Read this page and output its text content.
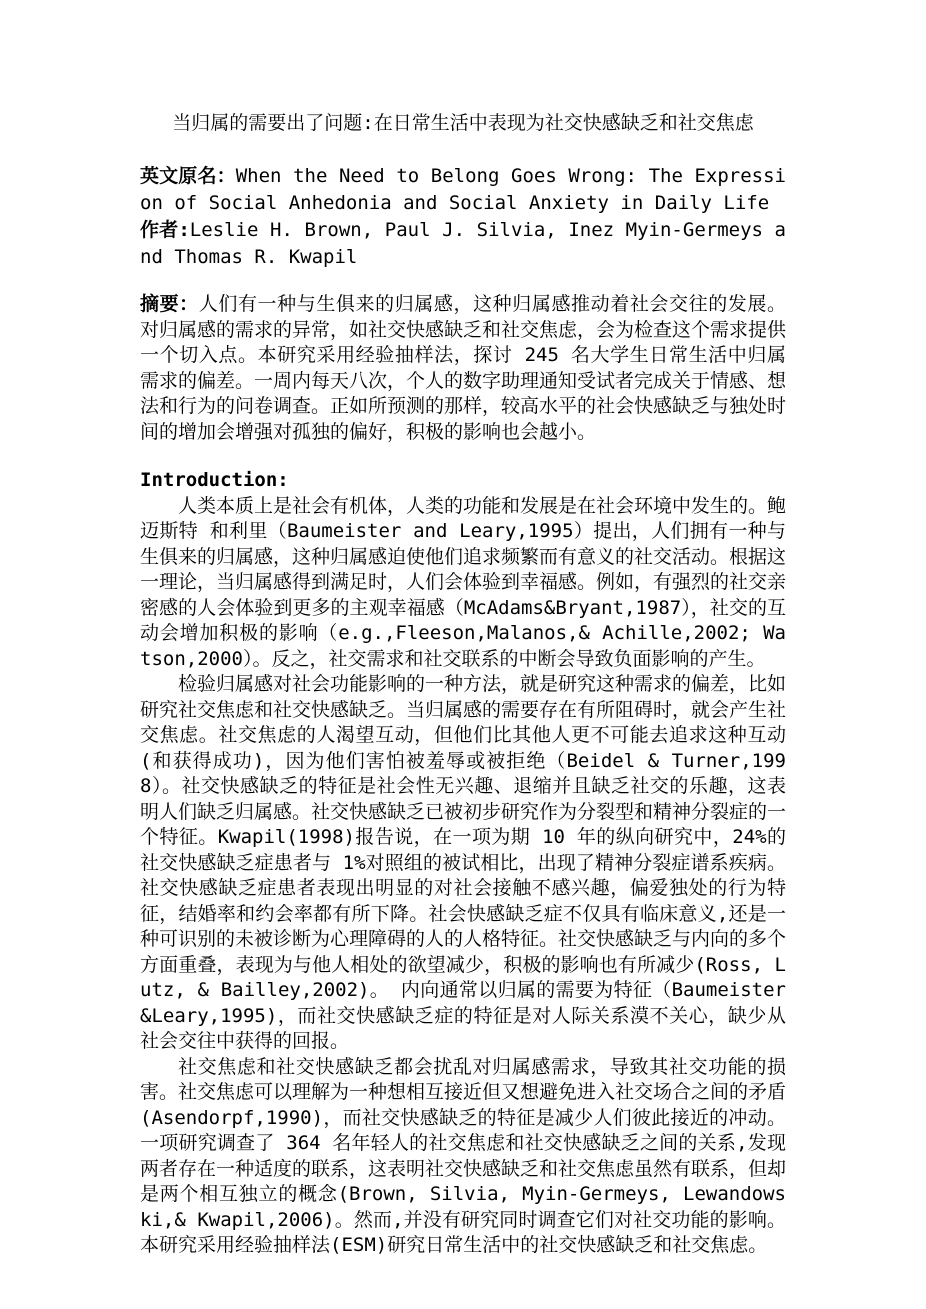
当归属的需要出了问题:在日常生活中表现为社交快感缺乏和社交焦虑

英文原名：When the Need to Belong Goes Wrong: The Expression of Social Anhedonia and Social Anxiety in Daily Life

作者:Leslie H. Brown, Paul J. Silvia, Inez Myin-Germeys and Thomas R. Kwapil

摘要：人们有一种与生俱来的归属感，这种归属感推动着社会交往的发展。对归属感的需求的异常，如社交快感缺乏和社交焦虑，会为检查这个需求提供一个切入点。本研究采用经验抽样法，探讨 245 名大学生日常生活中归属需求的偏差。一周内每天八次，个人的数字助理通知受试者完成关于情感、想法和行为的问卷调查。正如所预测的那样，较高水平的社会快感缺乏与独处时间的增加会增强对孤独的偏好，积极的影响也会越小。

Introduction:

人类本质上是社会有机体，人类的功能和发展是在社会环境中发生的。鲍迈斯特 和利里（Baumeister and Leary,1995）提出，人们拥有一种与生俱来的归属感，这种归属感迫使他们追求频繁而有意义的社交活动。根据这一理论，当归属感得到满足时，人们会体验到幸福感。例如，有强烈的社交亲密感的人会体验到更多的主观幸福感（McAdams&Bryant,1987），社交的互动会增加积极的影响（e.g.,Fleeson,Malanos,& Achille,2002; Watson,2000）。反之，社交需求和社交联系的中断会导致负面影响的产生。

检验归属感对社会功能影响的一种方法，就是研究这种需求的偏差，比如研究社交焦虑和社交快感缺乏。当归属感的需要存在有所阻碍时，就会产生社交焦虑。社交焦虑的人渴望互动，但他们比其他人更不可能去追求这种互动(和获得成功)，因为他们害怕被羞辱或被拒绝（Beidel & Turner,1998）。社交快感缺乏的特征是社会性无兴趣、退缩并且缺乏社交的乐趣，这表明人们缺乏归属感。社交快感缺乏已被初步研究作为分裂型和精神分裂症的一个特征。Kwapil(1998)报告说，在一项为期 10 年的纵向研究中，24%的社交快感缺乏症患者与 1%对照组的被试相比，出现了精神分裂症谱系疾病。社交快感缺乏症患者表现出明显的对社会接触不感兴趣，偏爱独处的行为特征，结婚率和约会率都有所下降。社会快感缺乏症不仅具有临床意义,还是一种可识别的未被诊断为心理障碍的人的人格特征。社交快感缺乏与内向的多个方面重叠，表现为与他人相处的欲望减少，积极的影响也有所减少(Ross, Lutz, & Bailley,2002)。 内向通常以归属的需要为特征（Baumeister&Leary,1995)，而社交快感缺乏症的特征是对人际关系漠不关心，缺少从社会交往中获得的回报。

社交焦虑和社交快感缺乏都会扰乱对归属感需求，导致其社交功能的损害。社交焦虑可以理解为一种想相互接近但又想避免进入社交场合之间的矛盾(Asendorpf,1990)，而社交快感缺乏的特征是减少人们彼此接近的冲动。一项研究调查了 364 名年轻人的社交焦虑和社交快感缺乏之间的关系,发现两者存在一种适度的联系，这表明社交快感缺乏和社交焦虑虽然有联系，但却是两个相互独立的概念(Brown, Silvia, Myin-Germeys, Lewandowski,& Kwapil,2006)。然而,并没有研究同时调查它们对社交功能的影响。本研究采用经验抽样法(ESM)研究日常生活中的社交快感缺乏和社交焦虑。
